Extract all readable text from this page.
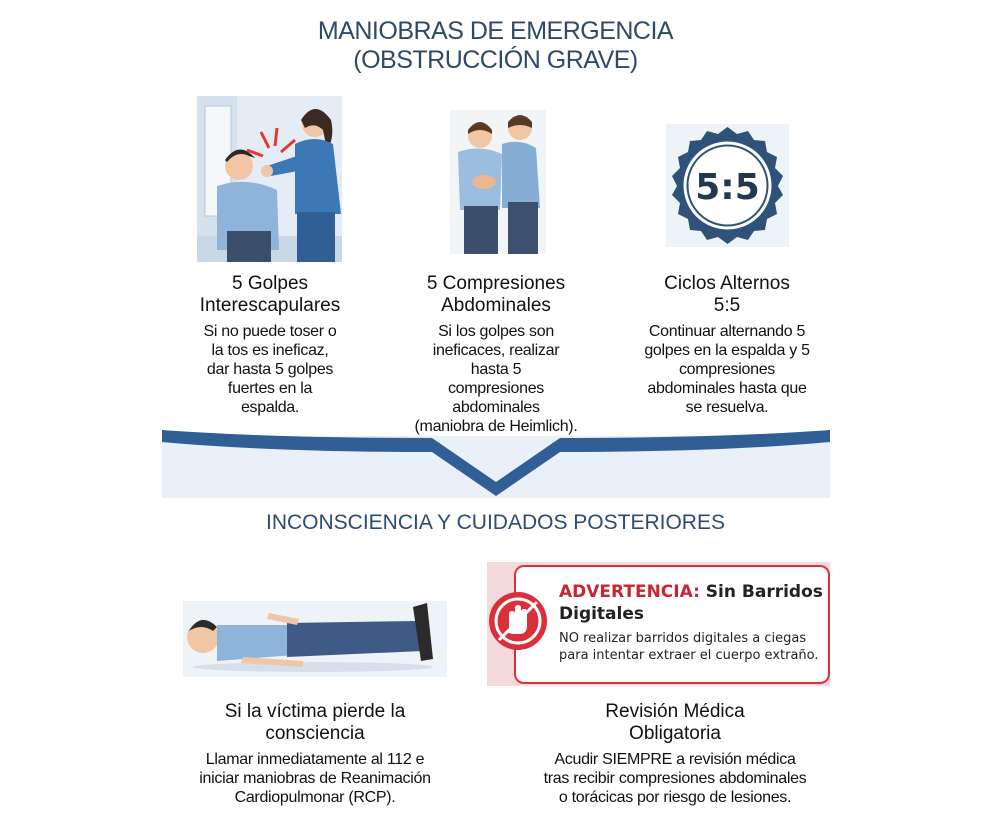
MANIOBRAS DE EMERGENCIA
(OBSTRUCCIÓN GRAVE)
5:5
5 Golpes
Interescapulares
5 Compresiones
Abdominales
Ciclos Alternos
5:5
Si no puede toser o
la tos es ineficaz,
dar hasta 5 golpes
fuertes en la
espalda.
Si los golpes son
ineficaces, realizar
hasta 5
compresiones
abdominales
(maniobra de Heimlich).
Continuar alternando 5
golpes en la espalda y 5
compresiones
abdominales hasta que
se resuelva.
INCONSCIENCIA Y CUIDADOS POSTERIORES
ADVERTENCIA: Sin Barridos
Digitales
NO realizar barridos digitales a ciegas
para intentar extraer el cuerpo extraño.
Si la víctima pierde la
consciencia
Revisión Médica
Obligatoria
Llamar inmediatamente al 112 e
iniciar maniobras de Reanimación
Cardiopulmonar (RCP).
Acudir SIEMPRE a revisión médica
tras recibir compresiones abdominales
o torácicas por riesgo de lesiones.
